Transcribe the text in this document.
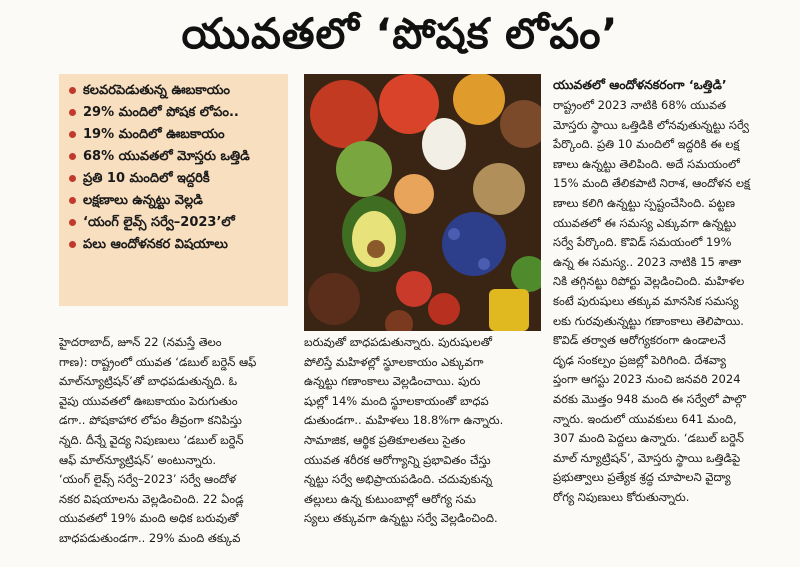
యువతలో ‘పోషక లోపం’
కలవరపెడుతున్న ఊబకాయం
29% మందిలో పోషక లోపం..
19% మందిలో ఊబకాయం
68% యువతలో మోస్తరు ఒత్తిడి
ప్రతి 10 మందిలో ఇద్దరికీ
లక్షణాలు ఉన్నట్టు వెల్లడి
‘యంగ్ లైవ్స్ సర్వే–2023’లో
పలు ఆందోళనకర విషయాలు
హైదరాబాద్, జూన్ 22 (నమస్తే తెలం
గాణ): రాష్ట్రంలో యువత ‘డబుల్ బర్డెన్ ఆఫ్
మాల్‌న్యూట్రిషన్’తో బాధపడుతున్నది. ఓ
వైపు యువతలో ఊబకాయం పెరుగుతుం
డగా.. పోషకాహార లోపం తీవ్రంగా కనిపిస్తు
న్నది. దీన్నే వైద్య నిపుణులు ‘డబుల్ బర్డెన్
ఆఫ్ మాల్‌న్యూట్రిషన్’ అంటున్నారు.
‘యంగ్ లైవ్స్ సర్వే–2023’ సర్వే ఆందోళ
నకర విషయాలను వెల్లడించింది. 22 ఏండ్ల
యువతలో 19% మంది అధిక బరువుతో
బాధపడుతుండగా.. 29% మంది తక్కువ
బరువుతో బాధపడుతున్నారు. పురుషులతో
పోలిస్తే మహిళల్లో స్థూలకాయం ఎక్కువగా
ఉన్నట్టు గణాంకాలు వెల్లడించాయి. పురు
షుల్లో 14% మంది స్థూలకాయంతో బాధప
డుతుండగా.. మహిళలు 18.8%గా ఉన్నారు.
సామాజిక, ఆర్థిక ప్రతికూలతలు సైతం
యువత శరీరక ఆరోగ్యాన్ని ప్రభావితం చేస్తు
న్నట్టు సర్వే అభిప్రాయపడింది. చదువుకున్న
తల్లులు ఉన్న కుటుంబాల్లో ఆరోగ్య సమ
స్యలు తక్కువగా ఉన్నట్టు సర్వే వెల్లడించింది.
యువతలో ఆందోళనకరంగా ‘ఒత్తిడి’
రాష్ట్రంలో 2023 నాటికి 68% యువత
మోస్తరు స్థాయి ఒత్తిడికి లోనవుతున్నట్టు సర్వే
పేర్కొంది. ప్రతి 10 మందిలో ఇద్దరికి ఈ లక్ష
ణాలు ఉన్నట్టు తెలిపింది. అదే సమయంలో
15% మంది తేలికపాటి నిరాశ, ఆందోళన లక్ష
ణాలు కలిగి ఉన్నట్టు స్పష్టంచేసింది. పట్టణ
యువతలో ఈ సమస్య ఎక్కువగా ఉన్నట్టు
సర్వే పేర్కొంది. కొవిడ్ సమయంలో 19%
ఉన్న ఈ సమస్య.. 2023 నాటికి 15 శాతా
నికి తగ్గినట్టు రిపోర్టు వెల్లడించింది. మహిళల
కంటే పురుషులు తక్కువ మానసిక సమస్య
లకు గురవుతున్నట్టు గణాంకాలు తెలిపాయి.
కొవిడ్ తర్వాత ఆరోగ్యకరంగా ఉండాలనే
దృఢ సంకల్పం ప్రజల్లో పెరిగింది. దేశవ్యా
ప్తంగా ఆగస్టు 2023 నుంచి జనవరి 2024
వరకు మొత్తం 948 మంది ఈ సర్వేలో పాల్గొ
న్నారు. ఇందులో యువకులు 641 మంది,
307 మంది పెద్దలు ఉన్నారు. ‘డబుల్ బర్డెన్
మాల్ న్యూట్రిషన్’, మోస్తరు స్థాయి ఒత్తిడిపై
ప్రభుత్వాలు ప్రత్యేక శ్రద్ధ చూపాలని వైద్యా
రోగ్య నిపుణులు కోరుతున్నారు.
